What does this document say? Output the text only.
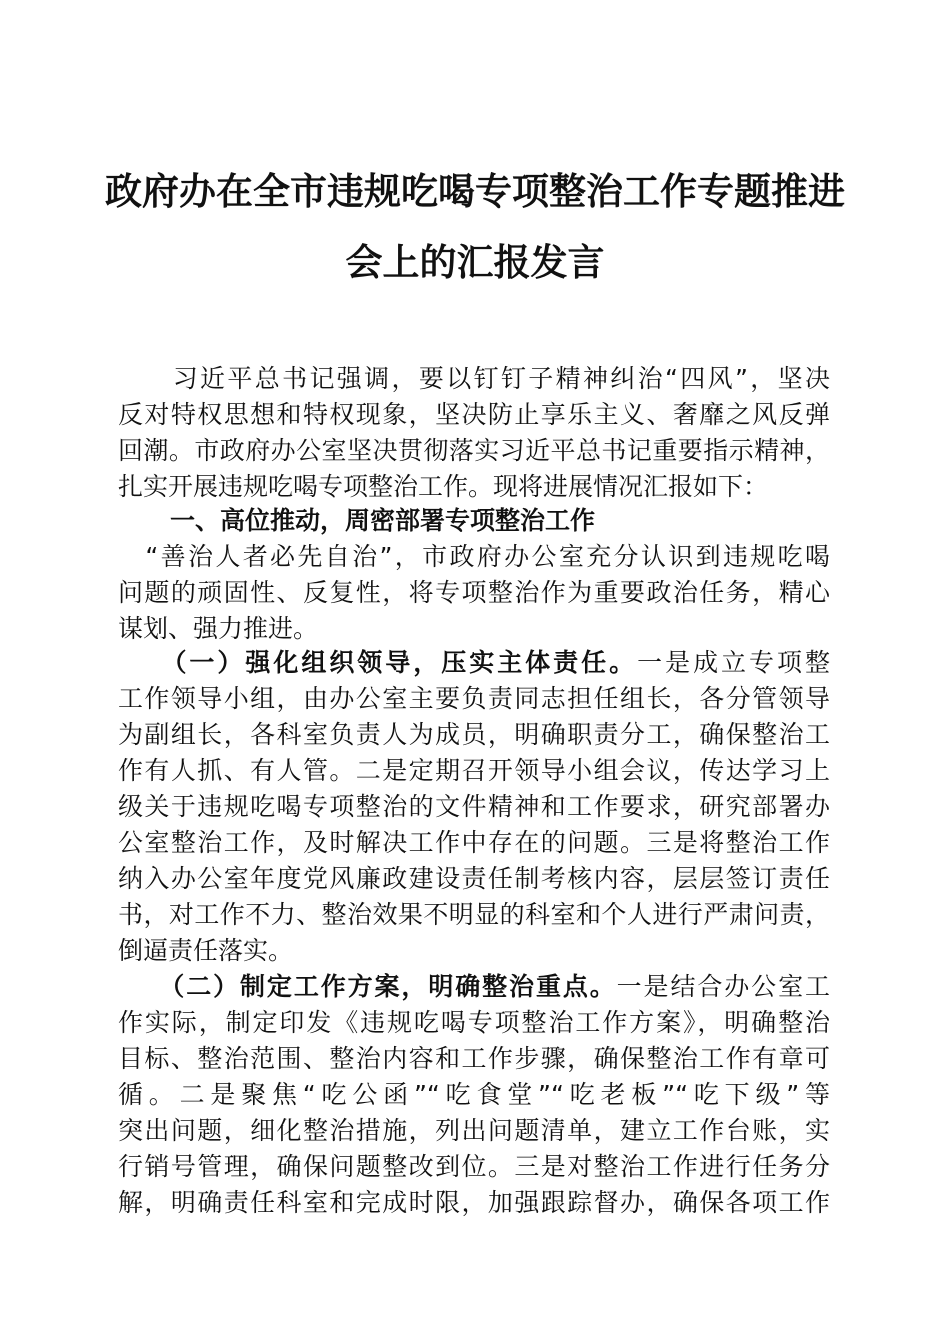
政府办在全市违规吃喝专项整治工作专题推进
会上的汇报发言
　　习近平总书记强调，要以钉钉子精神纠治“四风”，坚决
反对特权思想和特权现象，坚决防止享乐主义、奢靡之风反弹
回潮。市政府办公室坚决贯彻落实习近平总书记重要指示精神，
扎实开展违规吃喝专项整治工作。现将进展情况汇报如下：
一、高位推动，周密部署专项整治工作
　“善治人者必先自治”，市政府办公室充分认识到违规吃喝
问题的顽固性、反复性，将专项整治作为重要政治任务，精心
谋划、强力推进。
　　（一）强化组织领导，压实主体责任。一是成立专项整
工作领导小组，由办公室主要负责同志担任组长，各分管领导
为副组长，各科室负责人为成员，明确职责分工，确保整治工
作有人抓、有人管。二是定期召开领导小组会议，传达学习上
级关于违规吃喝专项整治的文件精神和工作要求，研究部署办
公室整治工作，及时解决工作中存在的问题。三是将整治工作
纳入办公室年度党风廉政建设责任制考核内容，层层签订责任
书，对工作不力、整治效果不明显的科室和个人进行严肃问责，
倒逼责任落实。
　　（二）制定工作方案，明确整治重点。一是结合办公室工
作实际，制定印发《违规吃喝专项整治工作方案》，明确整治
目标、整治范围、整治内容和工作步骤，确保整治工作有章可
循。二是聚焦“吃公函”“吃食堂”“吃老板”“吃下级”等
突出问题，细化整治措施，列出问题清单，建立工作台账，实
行销号管理，确保问题整改到位。三是对整治工作进行任务分
解，明确责任科室和完成时限，加强跟踪督办，确保各项工作
